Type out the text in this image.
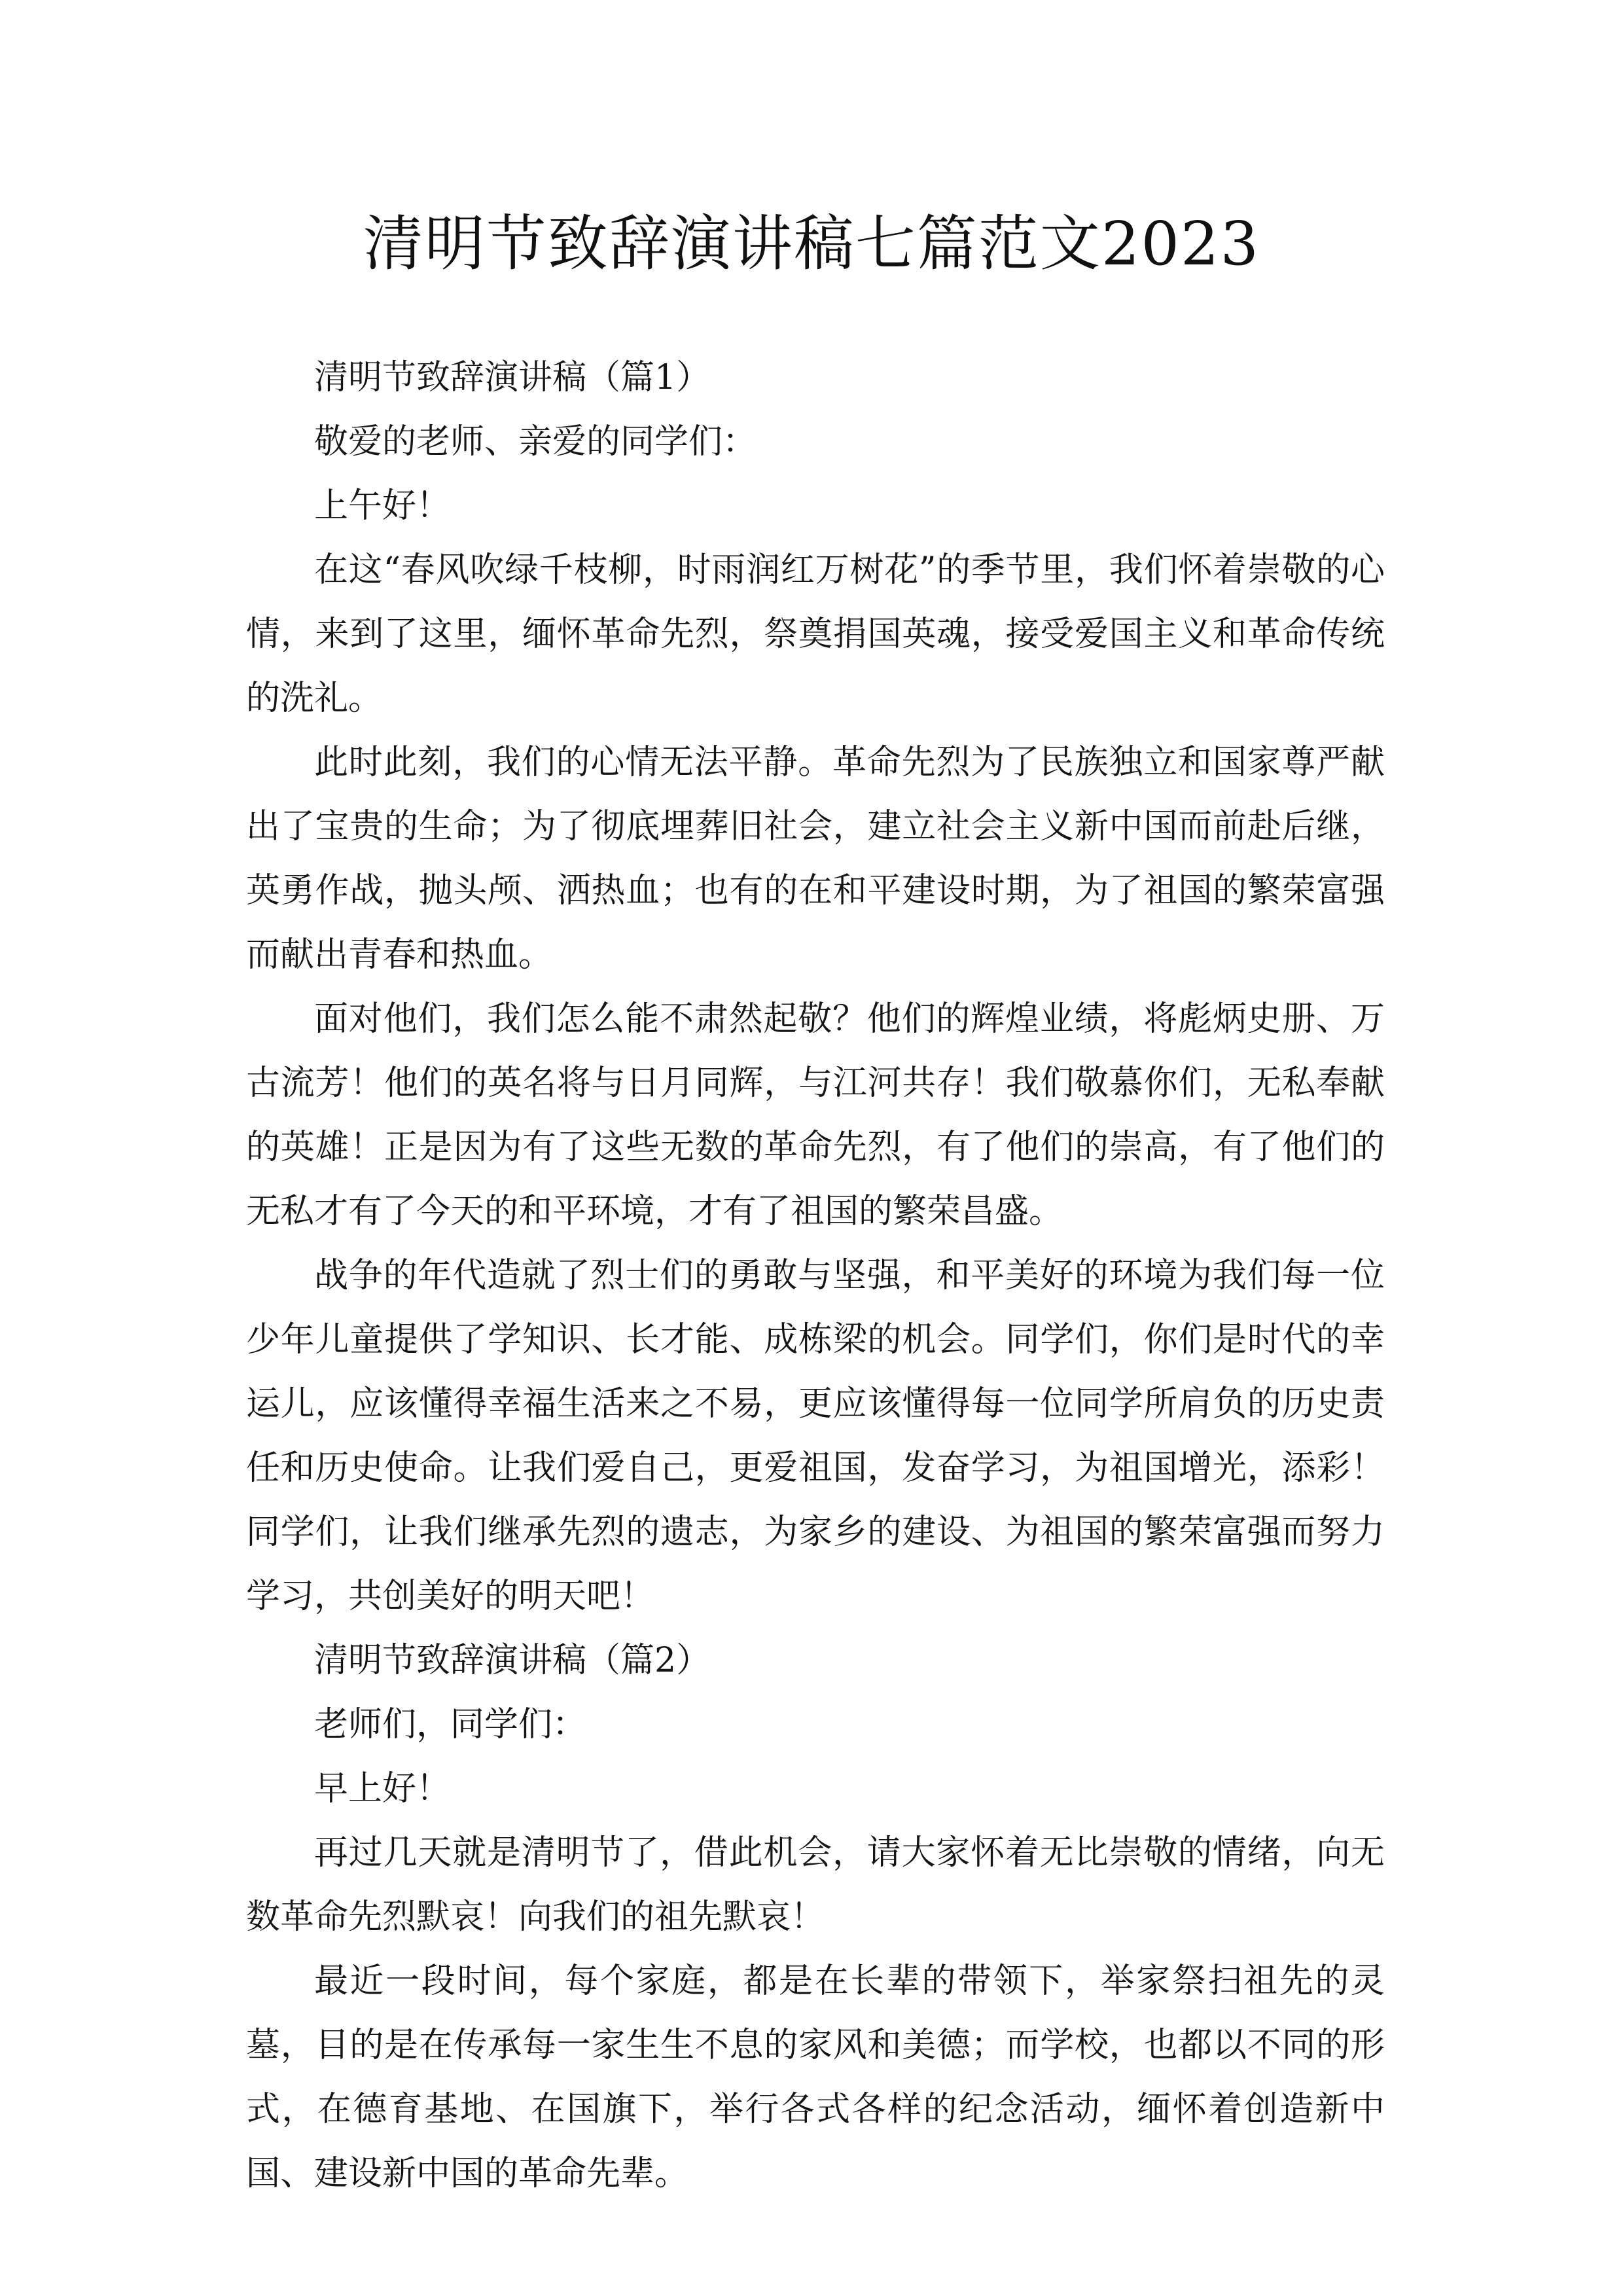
清明节致辞演讲稿七篇范文2023

清明节致辞演讲稿（篇1）

敬爱的老师、亲爱的同学们：

上午好！

在这“春风吹绿千枝柳，时雨润红万树花”的季节里，我们怀着崇敬的心情，来到了这里，缅怀革命先烈，祭奠捐国英魂，接受爱国主义和革命传统的洗礼。

此时此刻，我们的心情无法平静。革命先烈为了民族独立和国家尊严献出了宝贵的生命；为了彻底埋葬旧社会，建立社会主义新中国而前赴后继，英勇作战，抛头颅、洒热血；也有的在和平建设时期，为了祖国的繁荣富强而献出青春和热血。

面对他们，我们怎么能不肃然起敬？他们的辉煌业绩，将彪炳史册、万古流芳！他们的英名将与日月同辉，与江河共存！我们敬慕你们，无私奉献的英雄！正是因为有了这些无数的革命先烈，有了他们的崇高，有了他们的无私才有了今天的和平环境，才有了祖国的繁荣昌盛。

战争的年代造就了烈士们的勇敢与坚强，和平美好的环境为我们每一位少年儿童提供了学知识、长才能、成栋梁的机会。同学们，你们是时代的幸运儿，应该懂得幸福生活来之不易，更应该懂得每一位同学所肩负的历史责任和历史使命。让我们爱自己，更爱祖国，发奋学习，为祖国增光，添彩！同学们，让我们继承先烈的遗志，为家乡的建设、为祖国的繁荣富强而努力学习，共创美好的明天吧！

清明节致辞演讲稿（篇2）

老师们，同学们：

早上好！

再过几天就是清明节了，借此机会，请大家怀着无比崇敬的情绪，向无数革命先烈默哀！向我们的祖先默哀！

最近一段时间，每个家庭，都是在长辈的带领下，举家祭扫祖先的灵墓，目的是在传承每一家生生不息的家风和美德；而学校，也都以不同的形式，在德育基地、在国旗下，举行各式各样的纪念活动，缅怀着创造新中国、建设新中国的革命先辈。
